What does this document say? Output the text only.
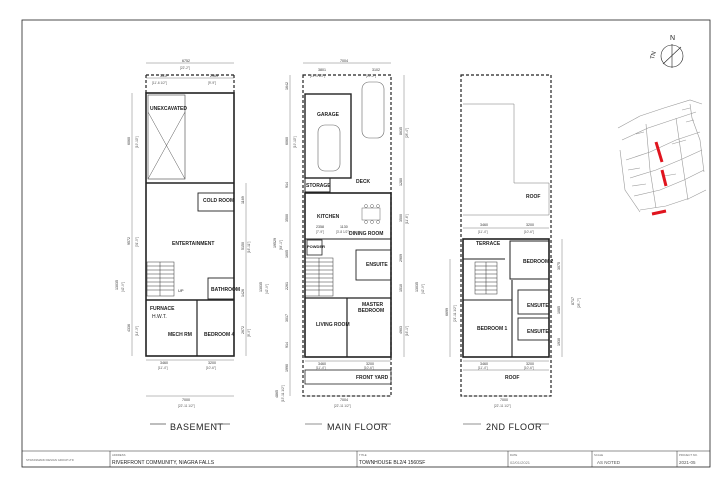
UNEXCAVATED
COLD ROOM
ENTERTAINMENT
UP	BATHROOM
FURNACE
H.W.T.
MECH RM BEDROOM 4
6752
[22'-2"]
3517
[11'-6 1/2"]
2969
[9'-9"]
3460
[11'-4"]
3200
[10'-6"]
7000
[22'-11 1/2"]
6060 [19'-10"]
9572 [31'-5"]
4336 [14'-3"]
13035 [42'-9"]
1169
5150 [16'-11"]
1426
2672 [8'-9"]
13035 [42'-9"]
BASEMENT
GARAGE
STORAGE
DECK
KITCHEN
DINING ROOM
2358
[7'-9"]
1130
[3'-8 1/2"]
POWDER
ENSUITE
LIVING ROOM
MASTER
BEDROOM
FRONT YARD
7004
3801
[12'-5 1/2"]
3102
[10'-2"]
3460
[11'-4"]
3200
[10'-6"]
7004
[22'-11 1/2"]
1642
6060 [19'-10"]
914
3500
1605
2261
3017
914
1990
4865 [15'-11 1/2"]
19529 [64'-1"]
8635 [28'-4"]
1280
3500 [11'-6"]
2909
1510
4903 [16'-1"]
13035 [42'-9"]
MAIN FLOOR
ROOF
TERRACE
BEDROOM 2
ENSUITE
ENSUITE
BEDROOM 1
ROOF
3460
[11'-4"]
3200
[10'-6"]
3460
[11'-4"]
3200
[10'-6"]
7000
[22'-11 1/2"]
6699 [21'-11 1/2"]
3075
8717 [28'-7"]
1085
1930
2ND FLOOR
TN
N
STRASSMANN DESIGN GROUP LTD
ADDRESS
RIVERFRONT COMMUNITY, NIAGRA FALLS
TITLE
TOWNHOUSE BL2/4 1560SF
DATE
02/01/2021
SCALE
AS NOTED
PROJECT NO.
2021-05
